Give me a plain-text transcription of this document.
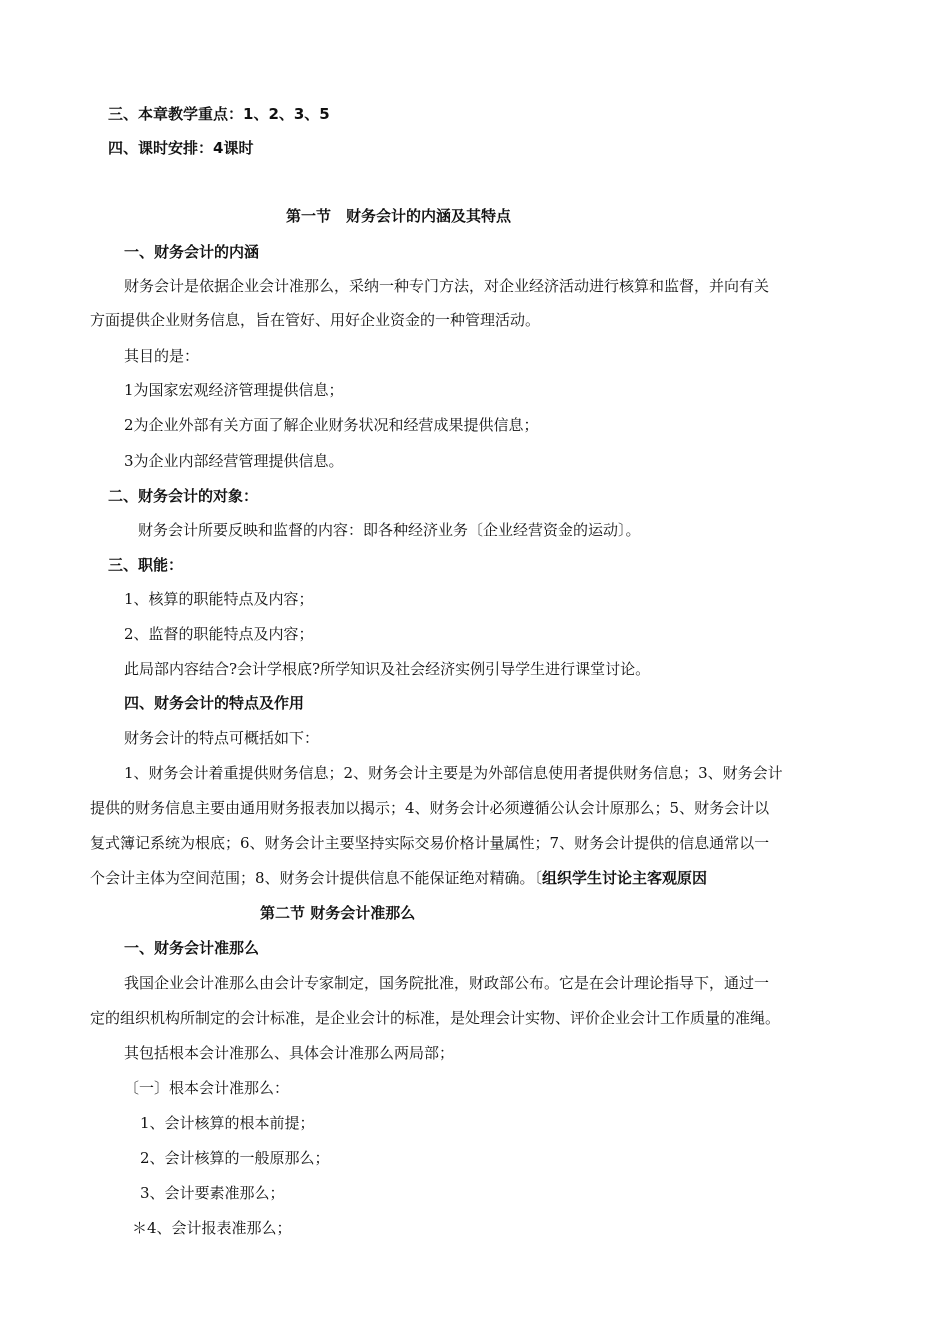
三、本章教学重点：1、2、3、5
四、课时安排：4课时
第一节　财务会计的内涵及其特点
一、财务会计的内涵
财务会计是依据企业会计准那么，采纳一种专门方法，对企业经济活动进行核算和监督，并向有关
方面提供企业财务信息，旨在管好、用好企业资金的一种管理活动。
其目的是：
1为国家宏观经济管理提供信息；
2为企业外部有关方面了解企业财务状况和经营成果提供信息；
3为企业内部经营管理提供信息。
二、财务会计的对象：
财务会计所要反映和监督的内容：即各种经济业务〔企业经营资金的运动〕。
三、职能：
1、核算的职能特点及内容；
2、监督的职能特点及内容；
此局部内容结合?会计学根底?所学知识及社会经济实例引导学生进行课堂讨论。
四、财务会计的特点及作用
财务会计的特点可概括如下：
1、财务会计着重提供财务信息；2、财务会计主要是为外部信息使用者提供财务信息；3、财务会计
提供的财务信息主要由通用财务报表加以揭示；4、财务会计必须遵循公认会计原那么；5、财务会计以
复式簿记系统为根底；6、财务会计主要坚持实际交易价格计量属性；7、财务会计提供的信息通常以一
个会计主体为空间范围；8、财务会计提供信息不能保证绝对精确。〔组织学生讨论主客观原因
第二节 财务会计准那么
一、财务会计准那么
我国企业会计准那么由会计专家制定，国务院批准，财政部公布。它是在会计理论指导下，通过一
定的组织机构所制定的会计标准，是企业会计的标准，是处理会计实物、评价企业会计工作质量的准绳。
其包括根本会计准那么、具体会计准那么两局部；
〔一〕根本会计准那么：
1、会计核算的根本前提；
2、会计核算的一般原那么；
3、会计要素准那么；
＊4、会计报表准那么；
